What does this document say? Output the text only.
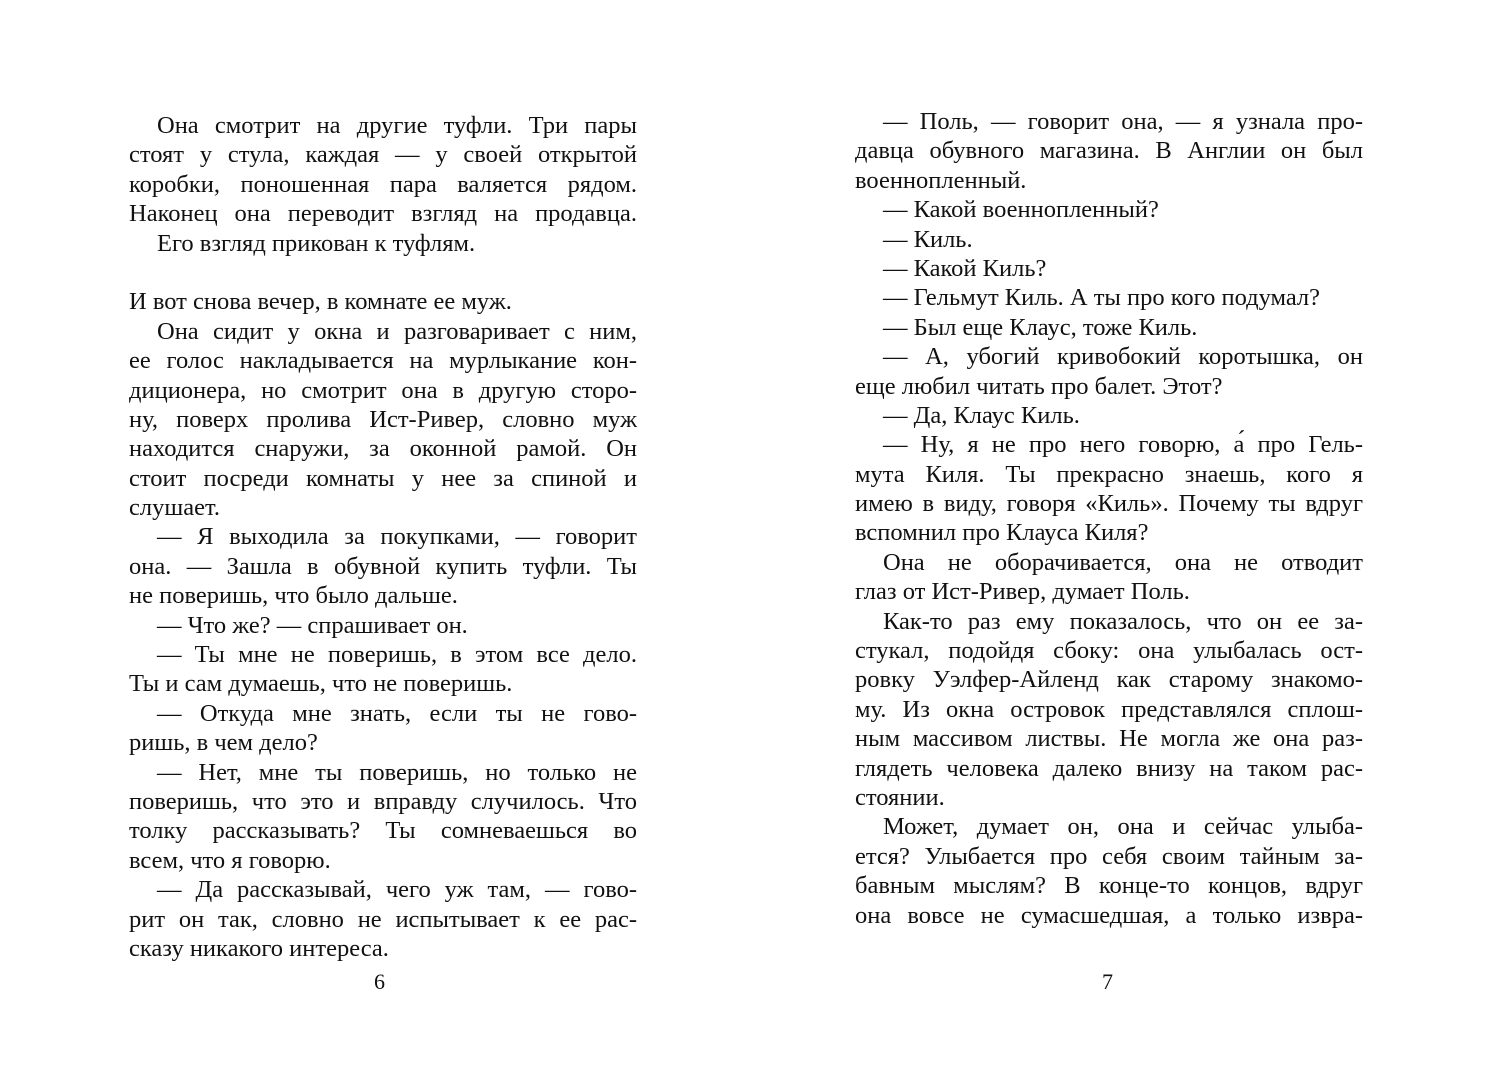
Она смотрит на другие туфли. Три пары
стоят у стула, каждая — у своей открытой
коробки, поношенная пара валяется рядом.
Наконец она переводит взгляд на продавца.
Его взгляд прикован к туфлям.
И вот снова вечер, в комнате ее муж.
Она сидит у окна и разговаривает с ним,
ее голос накладывается на мурлыкание кон-
диционера, но смотрит она в другую сторо-
ну, поверх пролива Ист-Ривер, словно муж
находится снаружи, за оконной рамой. Он
стоит посреди комнаты у нее за спиной и
слушает.
— Я выходила за покупками, — говорит
она. — Зашла в обувной купить туфли. Ты
не поверишь, что было дальше.
— Что же? — спрашивает он.
— Ты мне не поверишь, в этом все дело.
Ты и сам думаешь, что не поверишь.
— Откуда мне знать, если ты не гово-
ришь, в чем дело?
— Нет, мне ты поверишь, но только не
поверишь, что это и вправду случилось. Что
толку рассказывать? Ты сомневаешься во
всем, что я говорю.
— Да рассказывай, чего уж там, — гово-
рит он так, словно не испытывает к ее рас-
сказу никакого интереса.
6
— Поль, — говорит она, — я узнала про-
давца обувного магазина. В Англии он был
военнопленный.
— Какой военнопленный?
— Киль.
— Какой Киль?
— Гельмут Киль. А ты про кого подумал?
— Был еще Клаус, тоже Киль.
— А, убогий кривобокий коротышка, он
еще любил читать про балет. Этот?
— Да, Клаус Киль.
— Ну, я не про него говорю, а́ про Гель-
мута Киля. Ты прекрасно знаешь, кого я
имею в виду, говоря «Киль». Почему ты вдруг
вспомнил про Клауса Киля?
Она не оборачивается, она не отводит
глаз от Ист-Ривер, думает Поль.
Как-то раз ему показалось, что он ее за-
стукал, подойдя сбоку: она улыбалась ост-
ровку Уэлфер-Айленд как старому знакомо-
му. Из окна островок представлялся сплош-
ным массивом листвы. Не могла же она раз-
глядеть человека далеко внизу на таком рас-
стоянии.
Может, думает он, она и сейчас улыба-
ется? Улыбается про себя своим тайным за-
бавным мыслям? В конце-то концов, вдруг
она вовсе не сумасшедшая, а только извра-
7
